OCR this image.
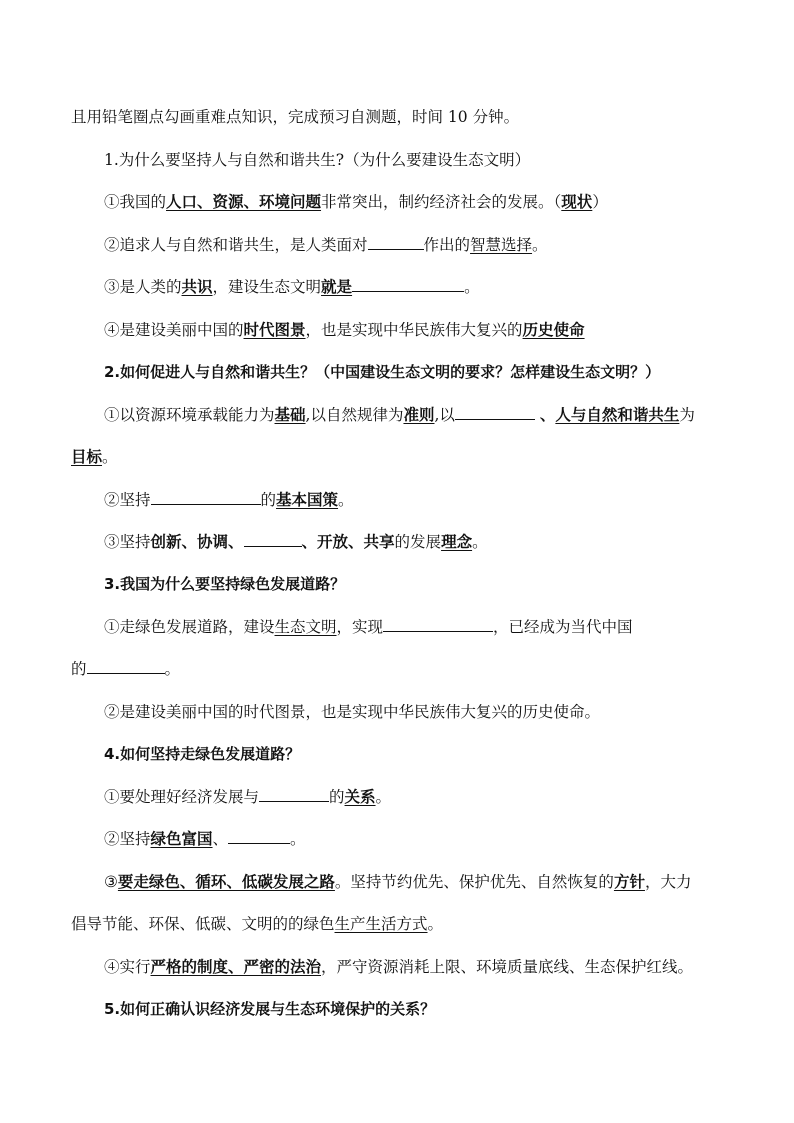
且用铅笔圈点勾画重难点知识，完成预习自测题，时间 10 分钟。
1.为什么要坚持人与自然和谐共生?（为什么要建设生态文明）
①我国的人口、资源、环境问题非常突出，制约经济社会的发展。（现状）
②追求人与自然和谐共生，是人类面对	作出的智慧选择。
③是人类的共识，建设生态文明就是	。
④是建设美丽中国的时代图景，也是实现中华民族伟大复兴的历史使命
2.如何促进人与自然和谐共生？（中国建设生态文明的要求？怎样建设生态文明？）
①以资源环境承载能力为基础,以自然规律为准则,以	、人与自然和谐共生为
目标。
②坚持	的基本国策。
③坚持创新、协调、	、开放、共享的发展理念。
3.我国为什么要坚持绿色发展道路？
①走绿色发展道路，建设生态文明，实现	，已经成为当代中国
的	。
②是建设美丽中国的时代图景，也是实现中华民族伟大复兴的历史使命。
4.如何坚持走绿色发展道路？
①要处理好经济发展与	的关系。
②坚持绿色富国、	。
③要走绿色、循环、低碳发展之路。坚持节约优先、保护优先、自然恢复的方针，大力
倡导节能、环保、低碳、文明的的绿色生产生活方式。
④实行严格的制度、严密的法治，严守资源消耗上限、环境质量底线、生态保护红线。
5.如何正确认识经济发展与生态环境保护的关系？
